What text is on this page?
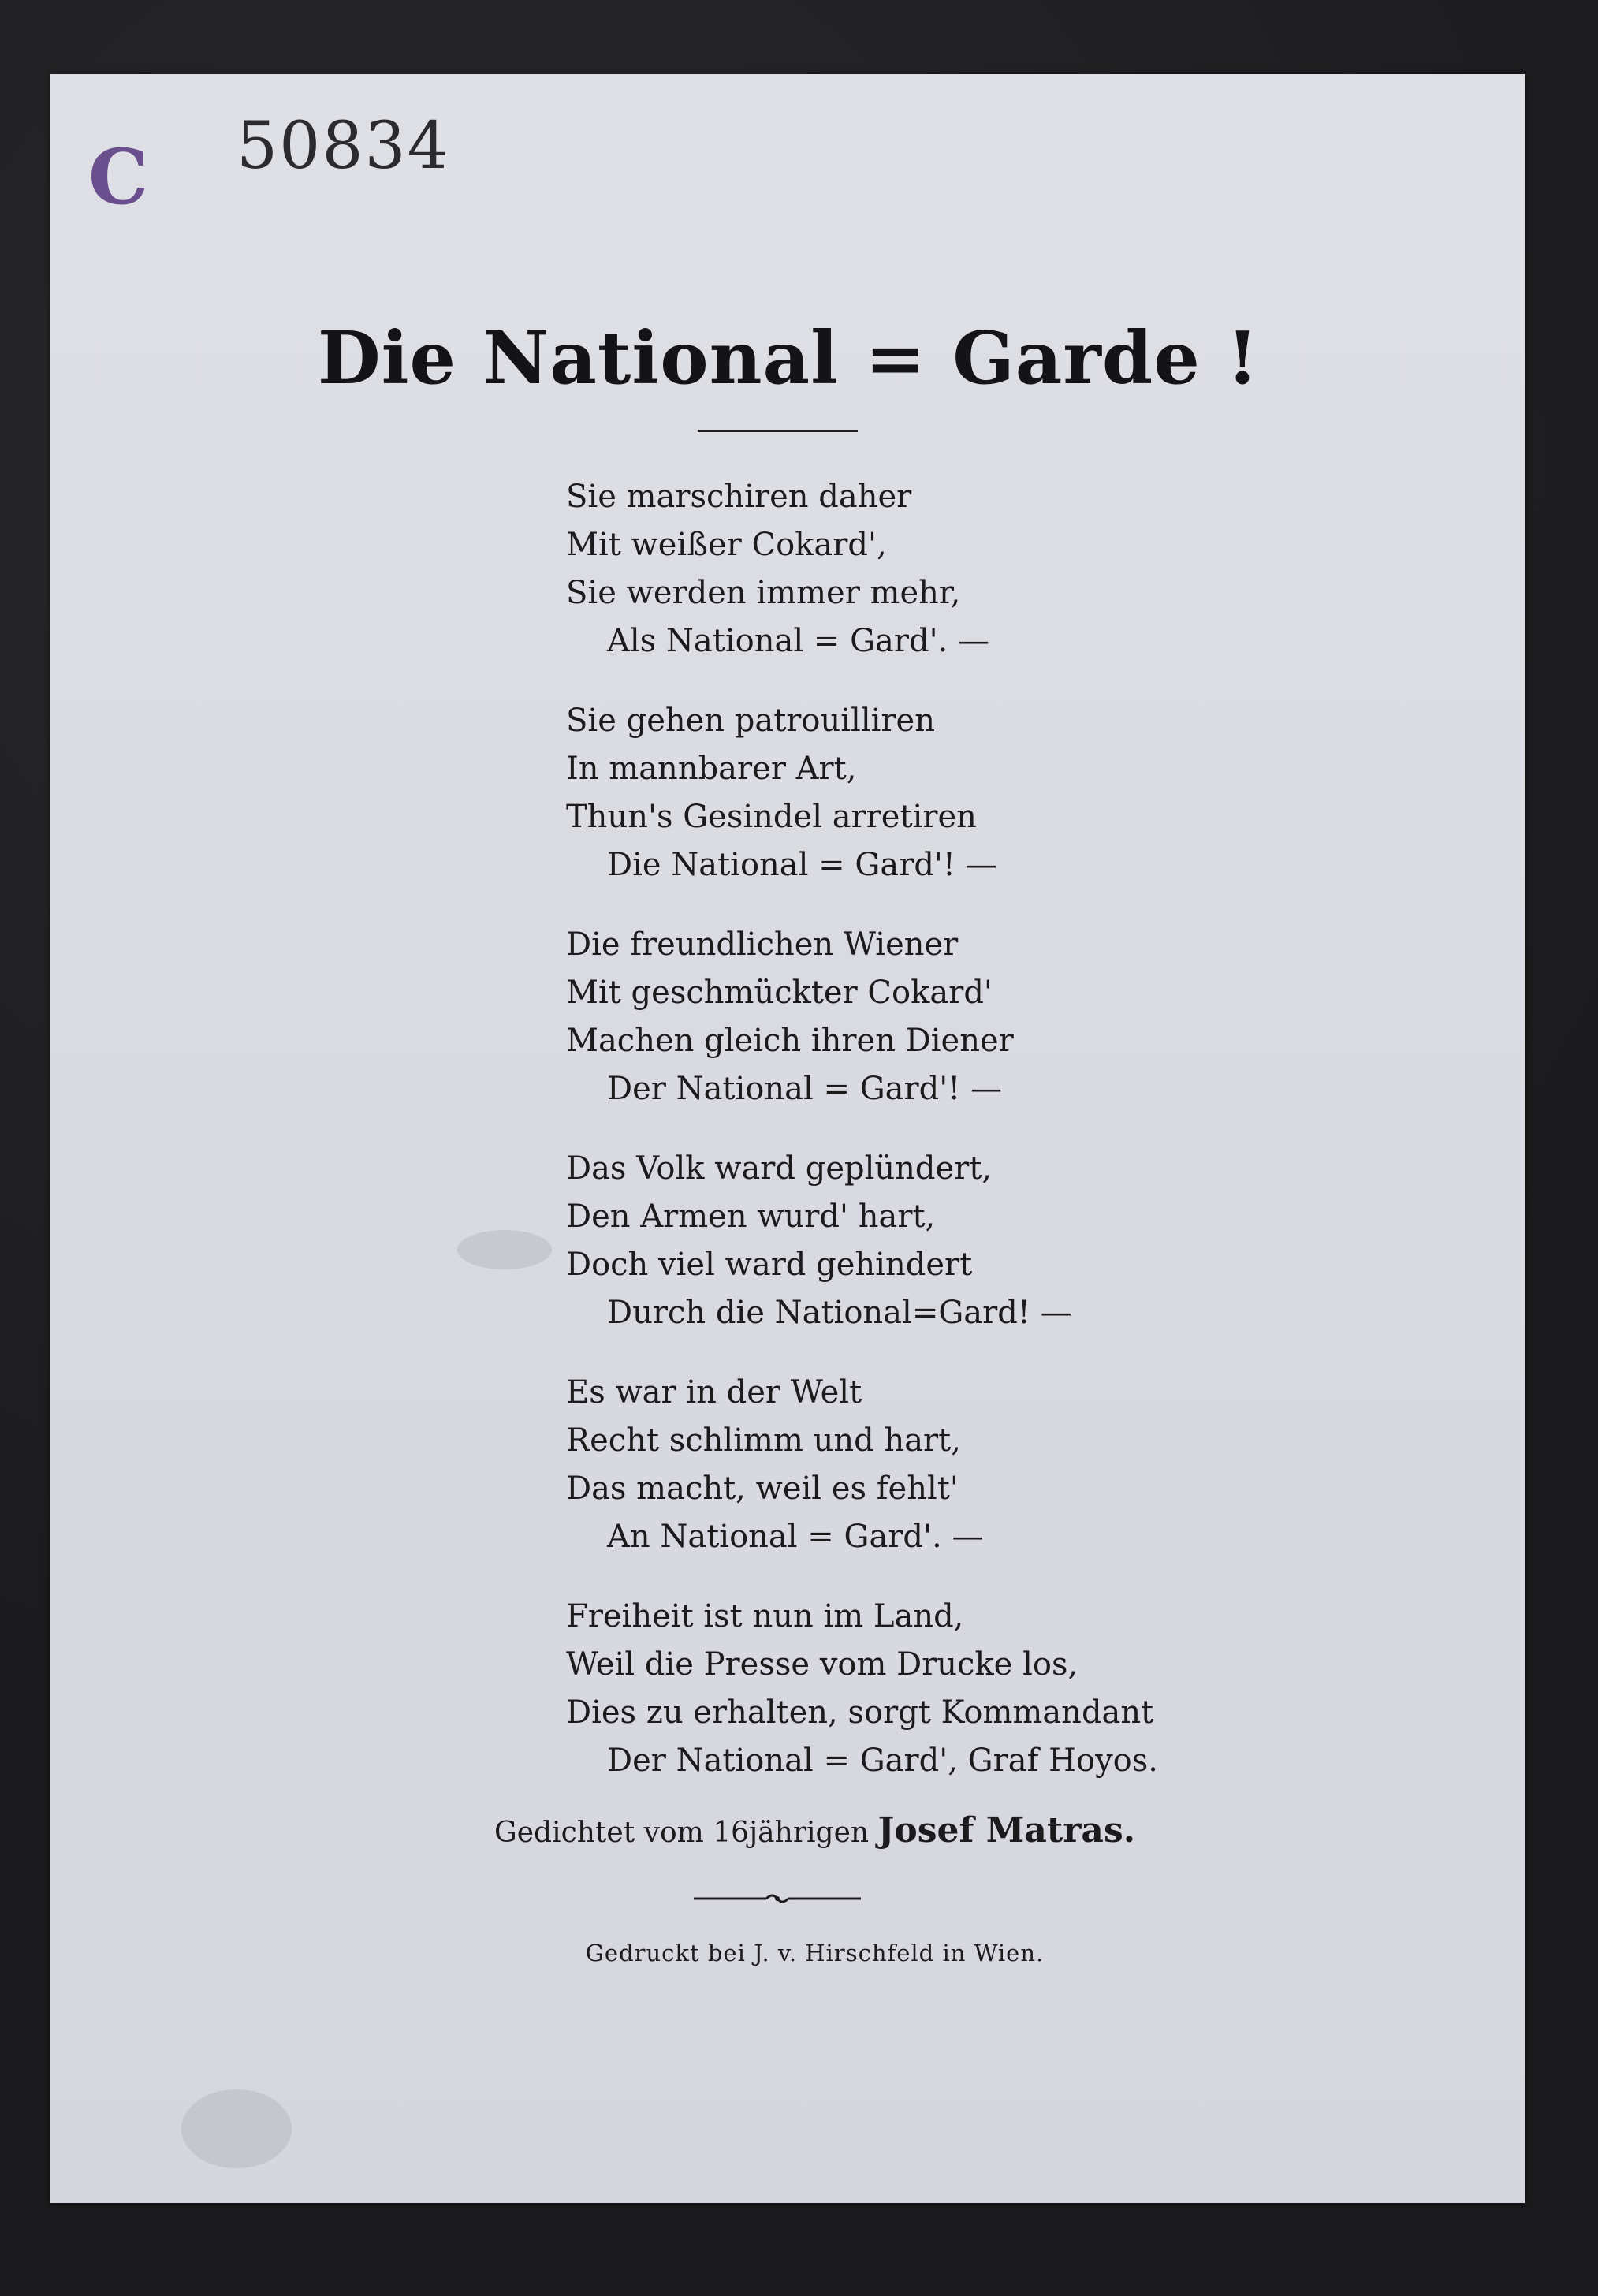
C 50834
Die National = Garde !
Sie marschiren daher
Mit weißer Cokard',
Sie werden immer mehr,
Als National = Gard'. —
Sie gehen patrouilliren
In mannbarer Art,
Thun's Gesindel arretiren
Die National = Gard'! —
Die freundlichen Wiener
Mit geschmückter Cokard'
Machen gleich ihren Diener
Der National = Gard'! —
Das Volk ward geplündert,
Den Armen wurd' hart,
Doch viel ward gehindert
Durch die National=Gard! —
Es war in der Welt
Recht schlimm und hart,
Das macht, weil es fehlt'
An National = Gard'. —
Freiheit ist nun im Land,
Weil die Presse vom Drucke los,
Dies zu erhalten, sorgt Kommandant
Der National = Gard', Graf Hoyos.
Gedichtet vom 16jährigen Josef Matras.
Gedruckt bei J. v. Hirschfeld in Wien.
